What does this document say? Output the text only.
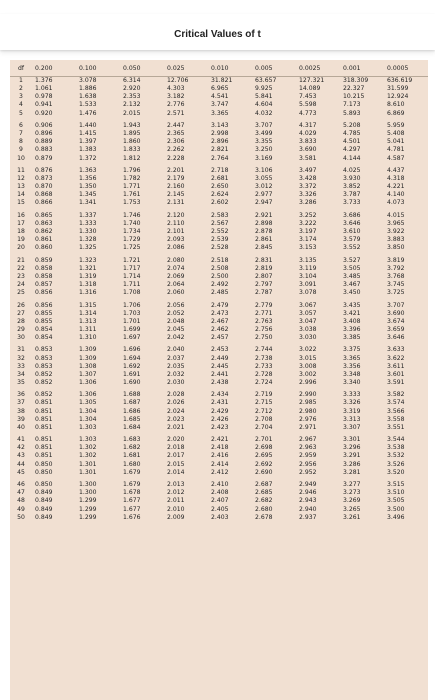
Critical Values of t
df	0.200	0.100	0.050	0.025	0.010	0.005	0.0025	0.001	0.0005
1	1.376	3.078	6.314	12.706	31.821	63.657	127.321	318.309	636.619
2	1.061	1.886	2.920	4.303	6.965	9.925	14.089	22.327	31.599
3	0.978	1.638	2.353	3.182	4.541	5.841	7.453	10.215	12.924
4	0.941	1.533	2.132	2.776	3.747	4.604	5.598	7.173	8.610
5	0.920	1.476	2.015	2.571	3.365	4.032	4.773	5.893	6.869

6	0.906	1.440	1.943	2.447	3.143	3.707	4.317	5.208	5.959
7	0.896	1.415	1.895	2.365	2.998	3.499	4.029	4.785	5.408
8	0.889	1.397	1.860	2.306	2.896	3.355	3.833	4.501	5.041
9	0.883	1.383	1.833	2.262	2.821	3.250	3.690	4.297	4.781
10	0.879	1.372	1.812	2.228	2.764	3.169	3.581	4.144	4.587

11	0.876	1.363	1.796	2.201	2.718	3.106	3.497	4.025	4.437
12	0.873	1.356	1.782	2.179	2.681	3.055	3.428	3.930	4.318
13	0.870	1.350	1.771	2.160	2.650	3.012	3.372	3.852	4.221
14	0.868	1.345	1.761	2.145	2.624	2.977	3.326	3.787	4.140
15	0.866	1.341	1.753	2.131	2.602	2.947	3.286	3.733	4.073

16	0.865	1.337	1.746	2.120	2.583	2.921	3.252	3.686	4.015
17	0.863	1.333	1.740	2.110	2.567	2.898	3.222	3.646	3.965
18	0.862	1.330	1.734	2.101	2.552	2.878	3.197	3.610	3.922
19	0.861	1.328	1.729	2.093	2.539	2.861	3.174	3.579	3.883
20	0.860	1.325	1.725	2.086	2.528	2.845	3.153	3.552	3.850

21	0.859	1.323	1.721	2.080	2.518	2.831	3.135	3.527	3.819
22	0.858	1.321	1.717	2.074	2.508	2.819	3.119	3.505	3.792
23	0.858	1.319	1.714	2.069	2.500	2.807	3.104	3.485	3.768
24	0.857	1.318	1.711	2.064	2.492	2.797	3.091	3.467	3.745
25	0.856	1.316	1.708	2.060	2.485	2.787	3.078	3.450	3.725

26	0.856	1.315	1.706	2.056	2.479	2.779	3.067	3.435	3.707
27	0.855	1.314	1.703	2.052	2.473	2.771	3.057	3.421	3.690
28	0.855	1.313	1.701	2.048	2.467	2.763	3.047	3.408	3.674
29	0.854	1.311	1.699	2.045	2.462	2.756	3.038	3.396	3.659
30	0.854	1.310	1.697	2.042	2.457	2.750	3.030	3.385	3.646

31	0.853	1.309	1.696	2.040	2.453	2.744	3.022	3.375	3.633
32	0.853	1.309	1.694	2.037	2.449	2.738	3.015	3.365	3.622
33	0.853	1.308	1.692	2.035	2.445	2.733	3.008	3.356	3.611
34	0.852	1.307	1.691	2.032	2.441	2.728	3.002	3.348	3.601
35	0.852	1.306	1.690	2.030	2.438	2.724	2.996	3.340	3.591

36	0.852	1.306	1.688	2.028	2.434	2.719	2.990	3.333	3.582
37	0.851	1.305	1.687	2.026	2.431	2.715	2.985	3.326	3.574
38	0.851	1.304	1.686	2.024	2.429	2.712	2.980	3.319	3.566
39	0.851	1.304	1.685	2.023	2.426	2.708	2.976	3.313	3.558
40	0.851	1.303	1.684	2.021	2.423	2.704	2.971	3.307	3.551

41	0.851	1.303	1.683	2.020	2.421	2.701	2.967	3.301	3.544
42	0.851	1.302	1.682	2.018	2.418	2.698	2.963	3.296	3.538
43	0.851	1.302	1.681	2.017	2.416	2.695	2.959	3.291	3.532
44	0.850	1.301	1.680	2.015	2.414	2.692	2.956	3.286	3.526
45	0.850	1.301	1.679	2.014	2.412	2.690	2.952	3.281	3.520

46	0.850	1.300	1.679	2.013	2.410	2.687	2.949	3.277	3.515
47	0.849	1.300	1.678	2.012	2.408	2.685	2.946	3.273	3.510
48	0.849	1.299	1.677	2.011	2.407	2.682	2.943	3.269	3.505
49	0.849	1.299	1.677	2.010	2.405	2.680	2.940	3.265	3.500
50	0.849	1.299	1.676	2.009	2.403	2.678	2.937	3.261	3.496
